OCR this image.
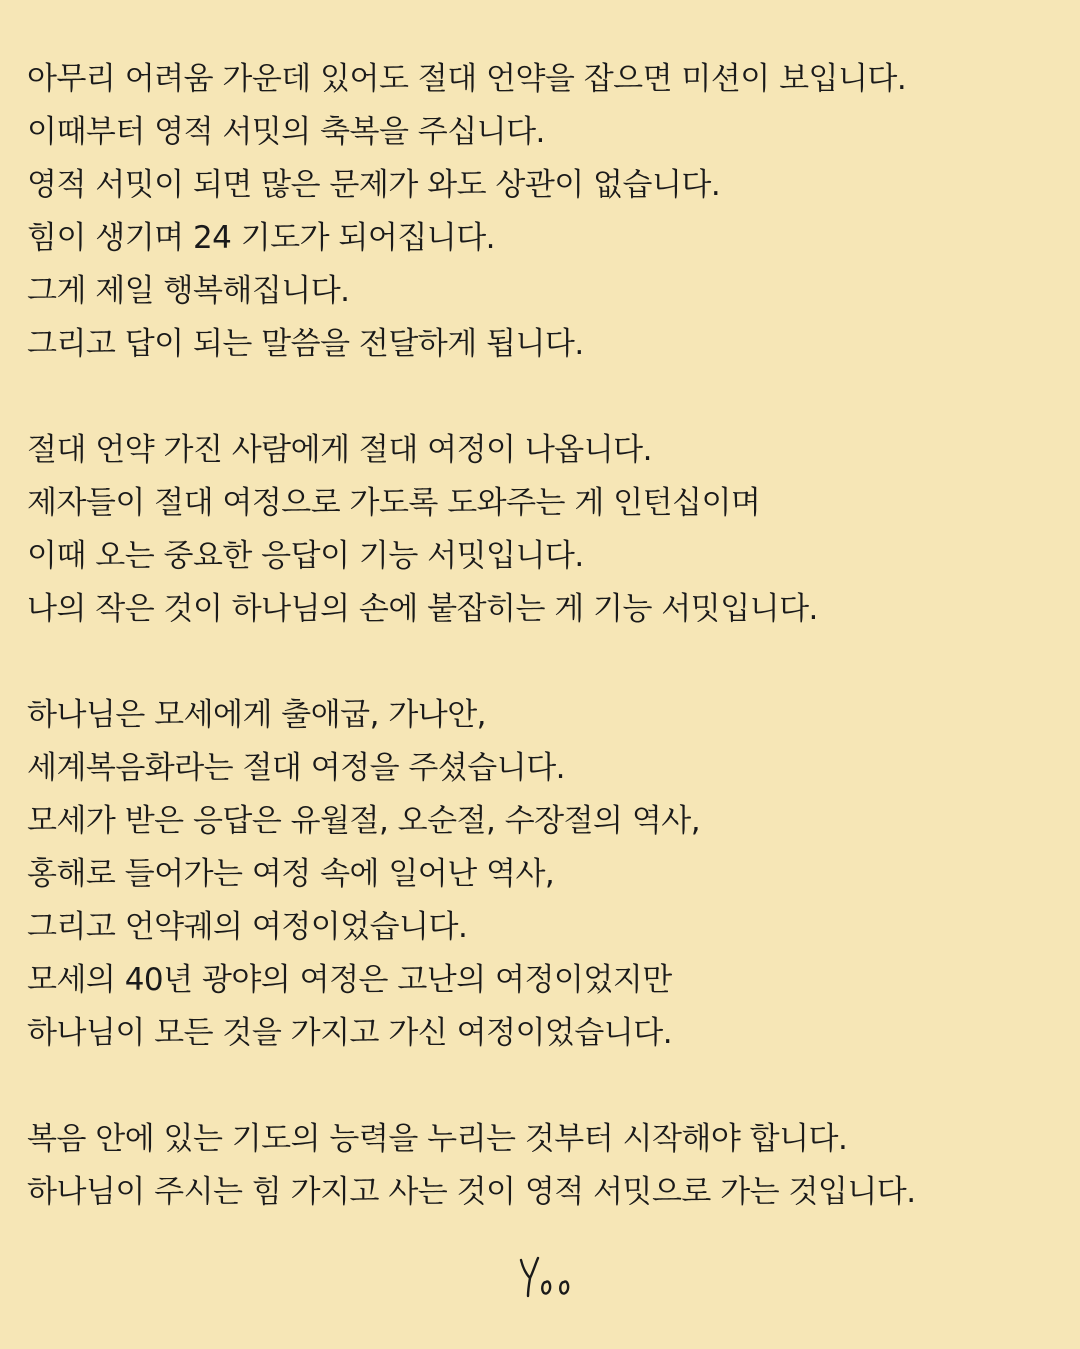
아무리 어려움 가운데 있어도 절대 언약을 잡으면 미션이 보입니다.
이때부터 영적 서밋의 축복을 주십니다.
영적 서밋이 되면 많은 문제가 와도 상관이 없습니다.
힘이 생기며 24 기도가 되어집니다.
그게 제일 행복해집니다.
그리고 답이 되는 말씀을 전달하게 됩니다.
절대 언약 가진 사람에게 절대 여정이 나옵니다.
제자들이 절대 여정으로 가도록 도와주는 게 인턴십이며
이때 오는 중요한 응답이 기능 서밋입니다.
나의 작은 것이 하나님의 손에 붙잡히는 게 기능 서밋입니다.
하나님은 모세에게 출애굽, 가나안,
세계복음화라는 절대 여정을 주셨습니다.
모세가 받은 응답은 유월절, 오순절, 수장절의 역사,
홍해로 들어가는 여정 속에 일어난 역사,
그리고 언약궤의 여정이었습니다.
모세의 40년 광야의 여정은 고난의 여정이었지만
하나님이 모든 것을 가지고 가신 여정이었습니다.
복음 안에 있는 기도의 능력을 누리는 것부터 시작해야 합니다.
하나님이 주시는 힘 가지고 사는 것이 영적 서밋으로 가는 것입니다.
